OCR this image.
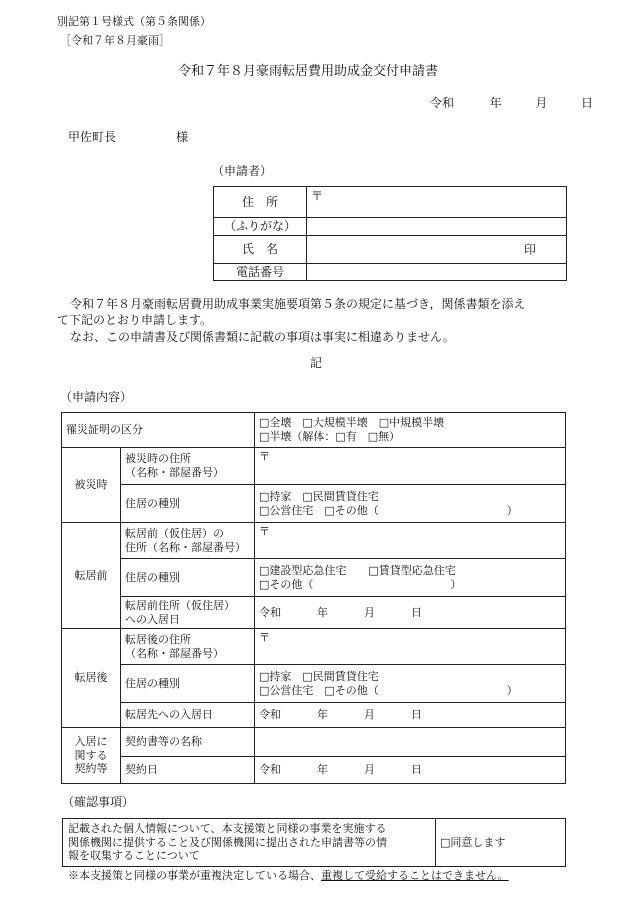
別記第１号様式（第５条関係）
［令和７年８月豪雨］
令和７年８月豪雨転居費用助成金交付申請書
令和	年	月	日
甲佐町長	様
（申請者）
住　所	〒
（ふりがな）	
氏　名	印

電話番号	
令和７年８月豪雨転居費用助成事業実施要項第５条の規定に基づき，関係書類を添え
て下記のとおり申請します。
なお、この申請書及び関係書類に記載の事項は事実に相違ありません。
記
（申請内容）
罹災証明の区分		□全壊　□大規模半壊　□中規模半壊
□半壊（解体：□有　□無）

被災時	被災時の住所
（名称・部屋番号）	〒
	住居の種別	□持家　□民間賃貸住宅
□公営住宅　□その他（ ）

転居前	転居前（仮住居）の
住所（名称・部屋番号）	〒
	住居の種別	□建設型応急住宅　　□賃貸型応急住宅
□その他（ ）

	転居前住所（仮住居）
への入居日	令和 年 月 日
転居後	転居後の住所
（名称・部屋番号）	〒
	住居の種別	□持家　□民間賃貸住宅
□公営住宅　□その他（ ）

	転居先への入居日	令和 年 月 日

入居に
関する
契約等	契約書等の名称	
	契約日	令和 年 月 日
（確認事項）
記載された個人情報について、本支援策と同様の事業を実施する
関係機関に提供すること及び関係機関に提出された申請書等の情
報を収集することについて
	□同意します
※本支援策と同様の事業が重複決定している場合、重複して受給することはできません。
